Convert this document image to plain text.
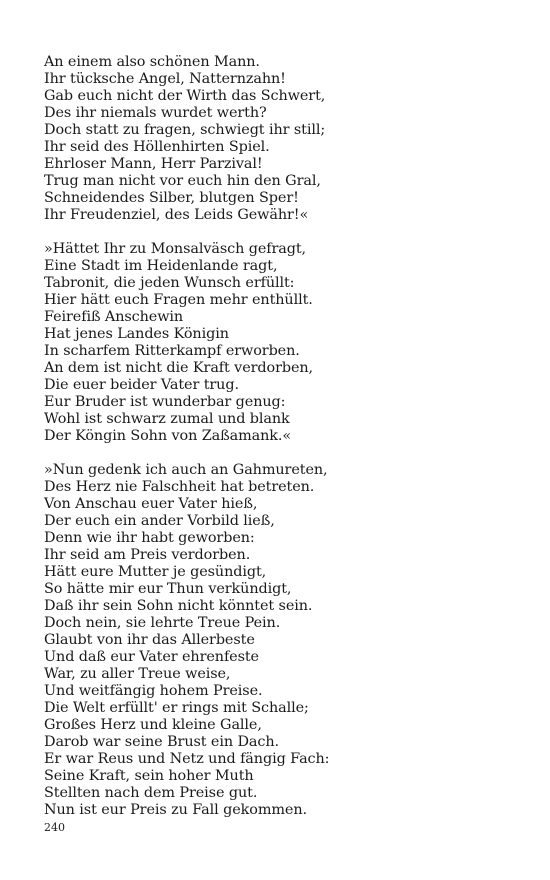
An einem also schönen Mann.
Ihr tücksche Angel, Natternzahn!
Gab euch nicht der Wirth das Schwert,
Des ihr niemals wurdet werth?
Doch statt zu fragen, schwiegt ihr still;
Ihr seid des Höllenhirten Spiel.
Ehrloser Mann, Herr Parzival!
Trug man nicht vor euch hin den Gral,
Schneidendes Silber, blutgen Sper!
Ihr Freudenziel, des Leids Gewähr!«
»Hättet Ihr zu Monsalväsch gefragt,
Eine Stadt im Heidenlande ragt,
Tabronit, die jeden Wunsch erfüllt:
Hier hätt euch Fragen mehr enthüllt.
Feirefiß Anschewin
Hat jenes Landes Königin
In scharfem Ritterkampf erworben.
An dem ist nicht die Kraft verdorben,
Die euer beider Vater trug.
Eur Bruder ist wunderbar genug:
Wohl ist schwarz zumal und blank
Der Köngin Sohn von Zaßamank.«
»Nun gedenk ich auch an Gahmureten,
Des Herz nie Falschheit hat betreten.
Von Anschau euer Vater hieß,
Der euch ein ander Vorbild ließ,
Denn wie ihr habt geworben:
Ihr seid am Preis verdorben.
Hätt eure Mutter je gesündigt,
So hätte mir eur Thun verkündigt,
Daß ihr sein Sohn nicht könntet sein.
Doch nein, sie lehrte Treue Pein.
Glaubt von ihr das Allerbeste
Und daß eur Vater ehrenfeste
War, zu aller Treue weise,
Und weitfängig hohem Preise.
Die Welt erfüllt' er rings mit Schalle;
Großes Herz und kleine Galle,
Darob war seine Brust ein Dach.
Er war Reus und Netz und fängig Fach:
Seine Kraft, sein hoher Muth
Stellten nach dem Preise gut.
Nun ist eur Preis zu Fall gekommen.
240
